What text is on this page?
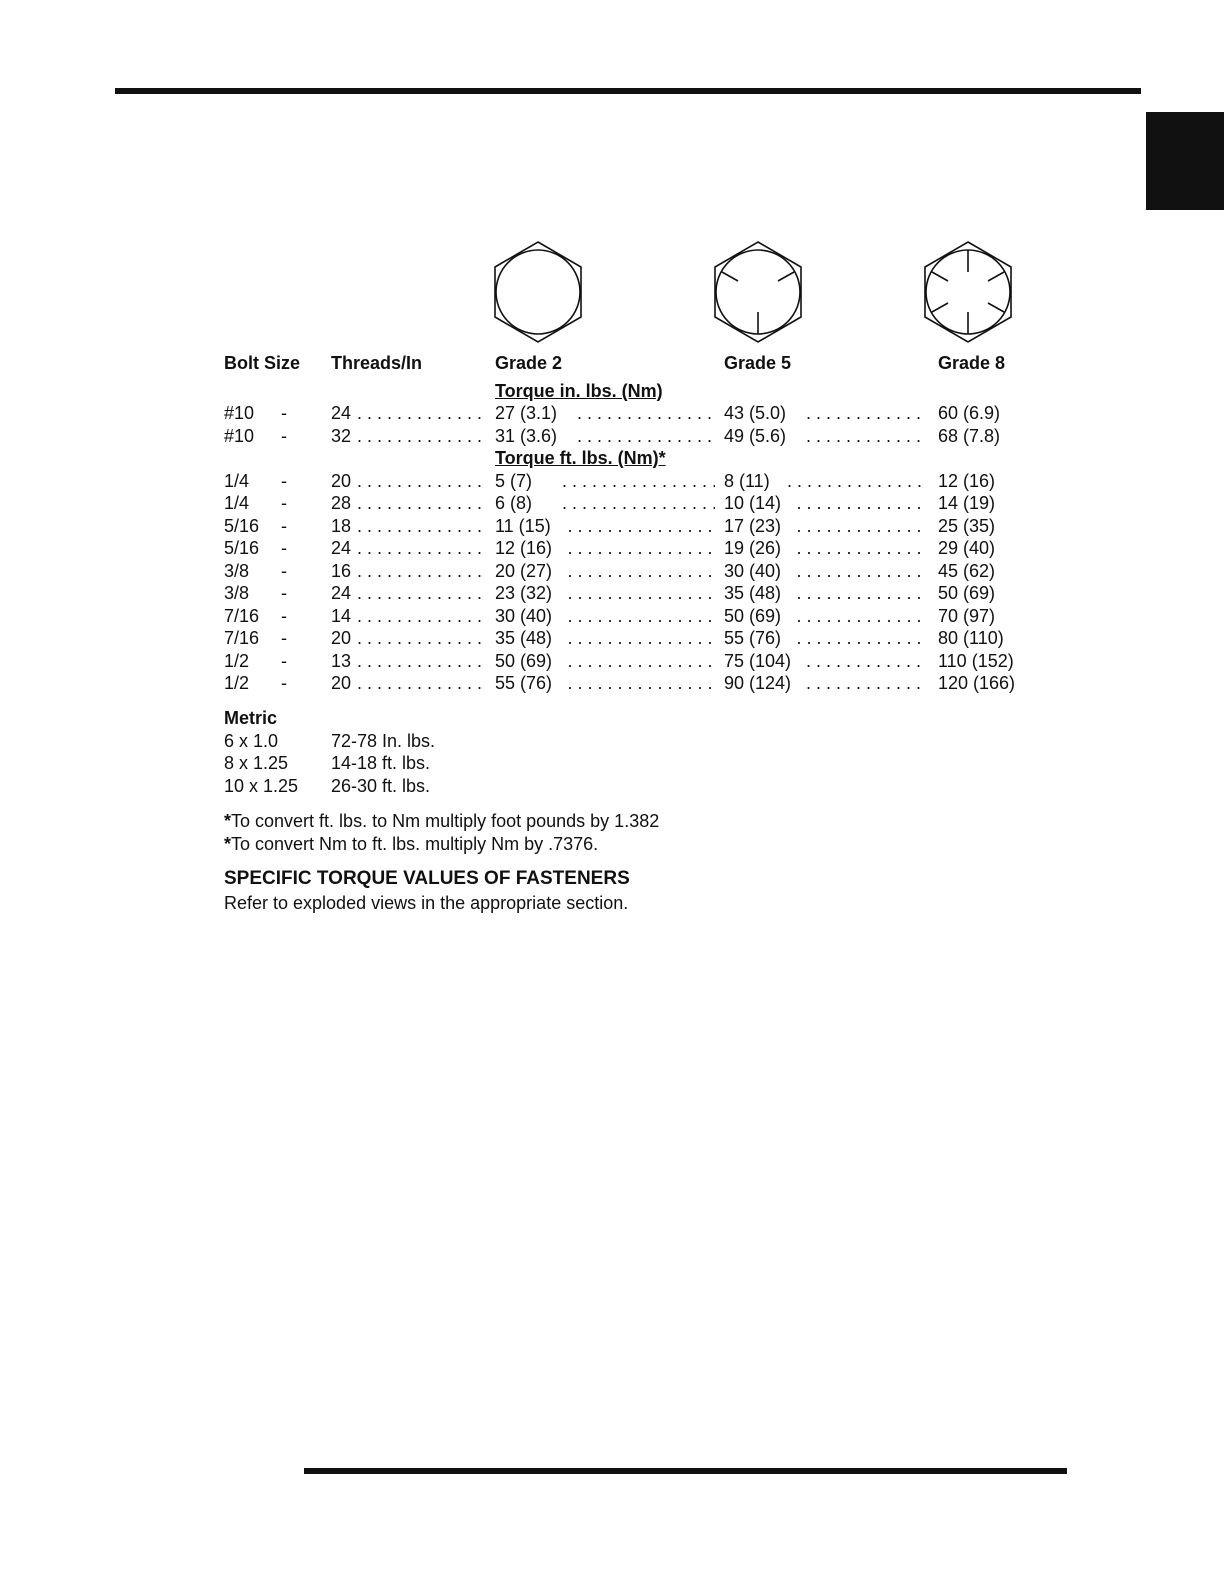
Bolt Size Threads/In	Grade 2	Grade 5	Grade 8
Torque in. lbs. (Nm)
Torque ft. lbs. (Nm)*
#10 - 24	27 (3.1)	43 (5.0)	60 (6.9)
. . .
. . .
. . .
#10 - 32	31 (3.6)	49 (5.6)	68 (7.8)
. . .
. . .
. . .
1/4 - 20	5 (7)	8 (11)	12 (16)
. . .
. . .
. . .
1/4 - 28	6 (8)	10 (14)	14 (19)
. . .
. . .
. . .
5/16 - 18	11 (15)	17 (23)	25 (35)
. . .
. . .
. . .
5/16 - 24	12 (16)	19 (26)	29 (40)
. . .
. . .
. . .
3/8 - 16	20 (27)	30 (40)	45 (62)
. . .
. . .
. . .
3/8 - 24	23 (32)	35 (48)	50 (69)
. . .
. . .
. . .
7/16 - 14	30 (40)	50 (69)	70 (97)
. . .
. . .
. . .
7/16 - 20	35 (48)	55 (76)	80 (110)
. . .
. . .
. . .
1/2 - 13	50 (69)	75 (104)	110 (152)
. . .
. . .
. . .
1/2 - 20	55 (76)	90 (124)	120 (166)
. . .
. . .
. . .
Metric
6 x 1.0	72-78 In. lbs.
8 x 1.25 14-18 ft. lbs.
10 x 1.25 26-30 ft. lbs.
*To convert ft. lbs. to Nm multiply foot pounds by 1.382
*To convert Nm to ft. lbs. multiply Nm by .7376.
SPECIFIC TORQUE VALUES OF FASTENERS
Refer to exploded views in the appropriate section.
